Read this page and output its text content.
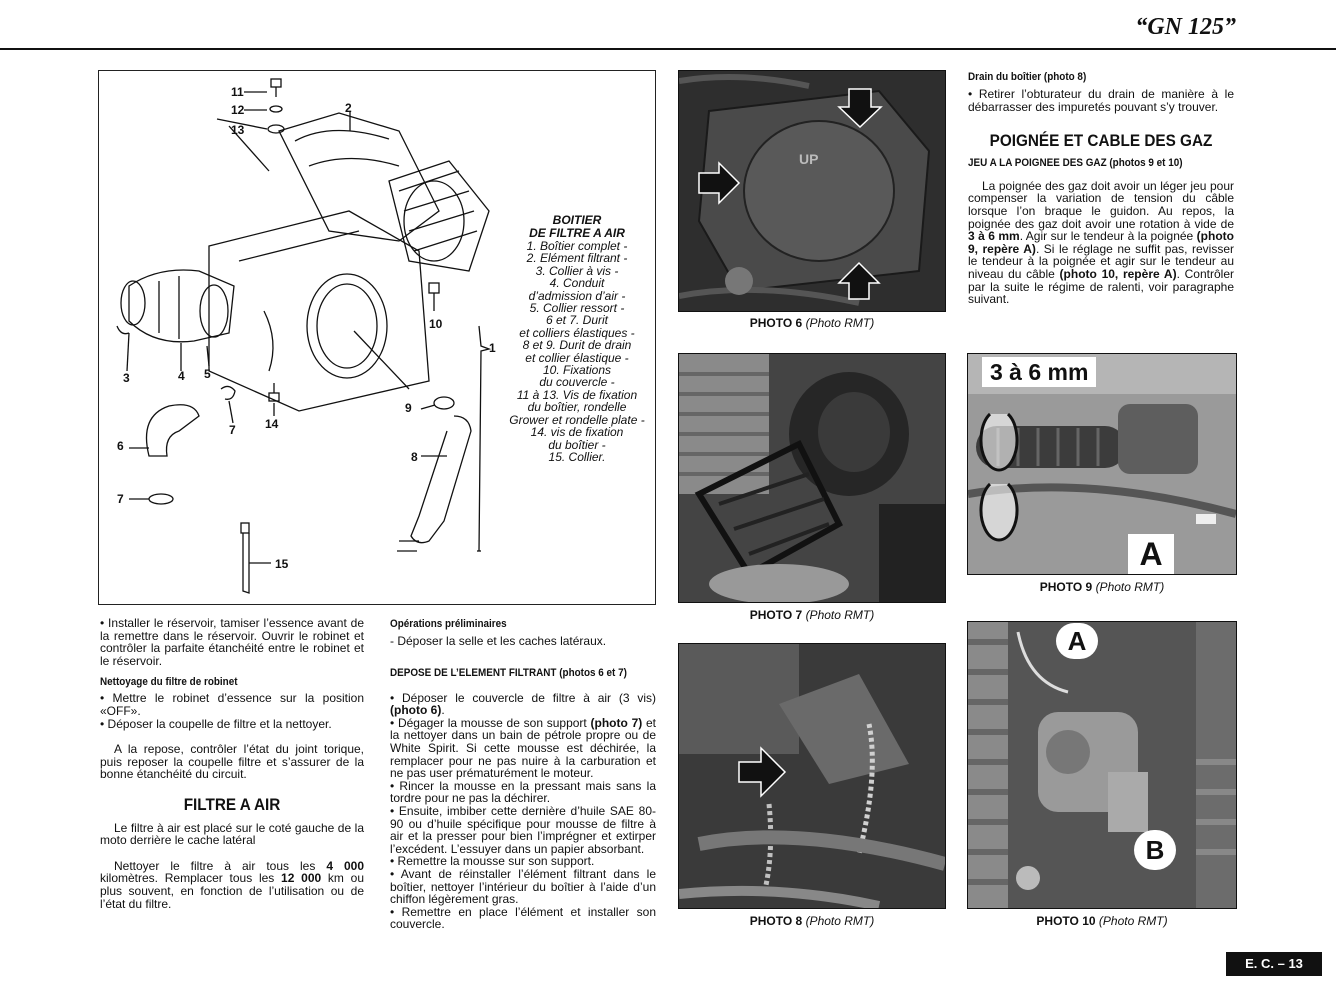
“GN 125”
11
12
13
2
10
1
3	4 5
6
7
14
9
8
7
15
BOITIER
DE FILTRE A AIR
1. Boîtier complet -
2. Elément filtrant -
3. Collier à vis -
4. Conduit
d’admission d’air -
5. Collier ressort -
6 et 7. Durit
et colliers élastiques -
8 et 9. Durit de drain
et collier élastique -
10. Fixations
du couvercle -
11 à 13. Vis de fixation
du boîtier, rondelle
Grower et rondelle plate -
14. vis de fixation
du boîtier -
15. Collier.

• Installer le réservoir, tamiser l’essence avant de la remettre dans le réservoir. Ouvrir le robinet et contrôler la parfaite étanchéité entre le robinet et le réservoir.

Nettoyage du filtre de robinet

• Mettre le robinet d’essence sur la position «OFF».

• Déposer la coupelle de filtre et la nettoyer.

A la repose, contrôler l’état du joint torique, puis reposer la coupelle filtre et s’assurer de la bonne étanchéité du circuit.

FILTRE A AIR

Le filtre à air est placé sur le coté gauche de la moto derrière le cache latéral

Nettoyer le filtre à air tous les 4 000 kilomètres. Remplacer tous les 12 000 km ou plus souvent, en fonction de l’utilisation ou de l’état du filtre.

Opérations préliminaires

- Déposer la selle et les caches latéraux.

DEPOSE DE L’ELEMENT FILTRANT (photos 6 et 7)

• Déposer le couvercle de filtre à air (3 vis) (photo 6).

• Dégager la mousse de son support (photo 7) et la nettoyer dans un bain de pétrole propre ou de White Spirit. Si cette mousse est déchirée, la remplacer pour ne pas nuire à la carburation et ne pas user prématurément le moteur.

• Rincer la mousse en la pressant mais sans la tordre pour ne pas la déchirer.

• Ensuite, imbiber cette dernière d’huile SAE 80-90 ou d’huile spécifique pour mousse de filtre à air et la presser pour bien l’imprégner et extirper l’excédent. L’essuyer dans un papier absorbant.

• Remettre la mousse sur son support.

• Avant de réinstaller l’élément filtrant dans le boîtier, nettoyer l’intérieur du boîtier à l’aide d’un chiffon légèrement gras.

• Remettre en place l’élément et installer son couvercle.

UP
PHOTO 6 (Photo RMT)
PHOTO 7 (Photo RMT)
PHOTO 8 (Photo RMT)
Drain du boîtier (photo 8)

• Retirer l’obturateur du drain de manière à le débarrasser des impuretés pouvant s’y trouver.

POIGNÉE ET CABLE DES GAZ
JEU A LA POIGNEE DES GAZ (photos 9 et 10)

La poignée des gaz doit avoir un léger jeu pour compenser la variation de tension du câble lorsque l’on braque le guidon. Au repos, la poignée des gaz doit avoir une rotation à vide de 3 à 6 mm. Agir sur le tendeur à la poignée (photo 9, repère A). Si le réglage ne suffit pas, revisser le tendeur à la poignée et agir sur le tendeur au niveau du câble (photo 10, repère A). Contrôler par la suite le régime de ralenti, voir paragraphe suivant.

3 à 6 mm
A
PHOTO 9 (Photo RMT)
A
B
PHOTO 10 (Photo RMT)
E. C. – 13
